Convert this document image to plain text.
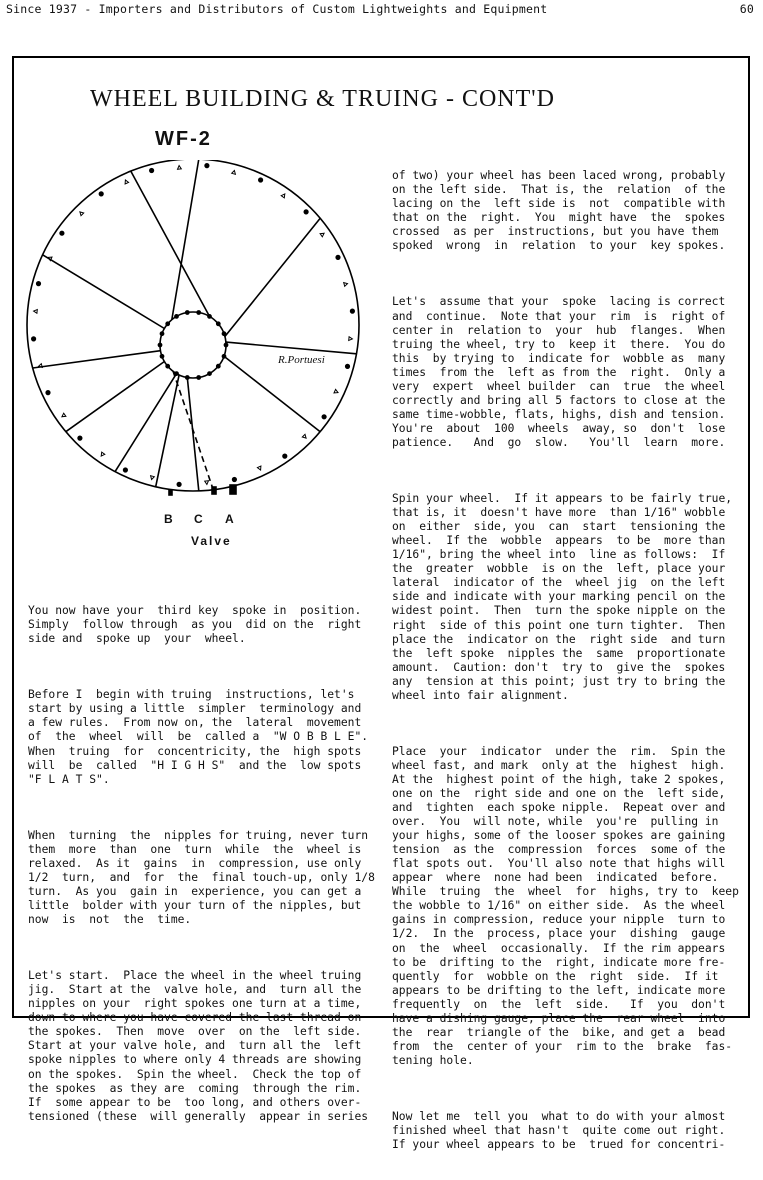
Since 1937 - Importers and Distributors of Custom Lightweights and Equipment	60
WHEEL BUILDING & TRUING - CONT'D
WF-2
R.Portuesi
B C A
Valve

You now have your  third key  spoke in  position.
Simply  follow through  as you  did on the  right
side and  spoke up  your  wheel.

Before I  begin with truing  instructions, let's
start by using a little  simpler  terminology and
a few rules.  From now on, the  lateral  movement
of  the  wheel  will  be  called a  "W O B B L E".
When  truing  for  concentricity, the  high spots
will  be  called  "H I G H S"  and the  low spots
"F L A T S".

When  turning  the  nipples for truing, never turn
them  more  than  one  turn  while  the  wheel is
relaxed.  As it  gains  in  compression, use only
1/2  turn,  and  for  the  final touch-up, only 1/8
turn.  As you  gain in  experience, you can get a
little  bolder with your turn of the nipples, but
now  is  not  the  time.

Let's start.  Place the wheel in the wheel truing
jig.  Start at the  valve hole, and  turn all the
nipples on your  right spokes one turn at a time,
down to where you have covered the last thread on
the spokes.  Then  move  over  on the  left side.
Start at your valve hole, and  turn all the  left
spoke nipples to where only 4 threads are showing
on the spokes.  Spin the wheel.  Check the top of
the spokes  as they are  coming  through the rim.
If  some appear to be  too long, and others over-
tensioned (these  will generally  appear in series

of two) your wheel has been laced wrong, probably
on the left side.  That is, the  relation  of the
lacing on the  left side is  not  compatible with
that on the  right.  You  might have  the  spokes
crossed  as per  instructions, but you have them
spoked  wrong  in  relation  to your  key spokes.

Let's  assume that your  spoke  lacing is correct
and  continue.  Note that your  rim  is  right of
center in  relation to  your  hub  flanges.  When
truing the wheel, try to  keep it  there.  You do
this  by trying to  indicate for  wobble as  many
times  from the  left as from the  right.  Only a
very  expert  wheel builder  can  true  the wheel
correctly and bring all 5 factors to close at the
same time-wobble, flats, highs, dish and tension.
You're  about  100  wheels  away, so  don't  lose
patience.   And  go  slow.   You'll  learn  more.

Spin your wheel.  If it appears to be fairly true,
that is, it  doesn't have more  than 1/16" wobble
on  either  side, you  can  start  tensioning the
wheel.  If the  wobble  appears  to be  more than
1/16", bring the wheel into  line as follows:  If
the  greater  wobble  is on the  left, place your
lateral  indicator of the  wheel jig  on the left
side and indicate with your marking pencil on the
widest point.  Then  turn the spoke nipple on the
right  side of this point one turn tighter.  Then
place the  indicator on the  right side  and turn
the  left spoke  nipples the  same  proportionate
amount.  Caution: don't  try to  give the  spokes
any  tension at this point; just try to bring the
wheel into fair alignment.

Place  your  indicator  under the  rim.  Spin the
wheel fast, and mark  only at the  highest  high.
At the  highest point of the high, take 2 spokes,
one on the  right side and one on the  left side,
and  tighten  each spoke nipple.  Repeat over and
over.  You  will note, while  you're  pulling in
your highs, some of the looser spokes are gaining
tension  as the  compression  forces  some of the
flat spots out.  You'll also note that highs will
appear  where  none had been  indicated  before.
While  truing  the  wheel  for  highs, try to  keep
the wobble to 1/16" on either side.  As the wheel
gains in compression, reduce your nipple  turn to
1/2.  In the  process, place your  dishing  gauge
on  the  wheel  occasionally.  If the rim appears
to be  drifting to the  right, indicate more fre-
quently  for  wobble on the  right  side.  If it
appears to be drifting to the left, indicate more
frequently  on  the  left  side.   If  you  don't
have a dishing gauge, place the  rear wheel  into
the  rear  triangle of the  bike, and get a  bead
from  the  center of your  rim to the  brake  fas-
tening hole.

Now let me  tell you  what to do with your almost
finished wheel that hasn't  quite come out right.
If your wheel appears to be  trued for concentri-
